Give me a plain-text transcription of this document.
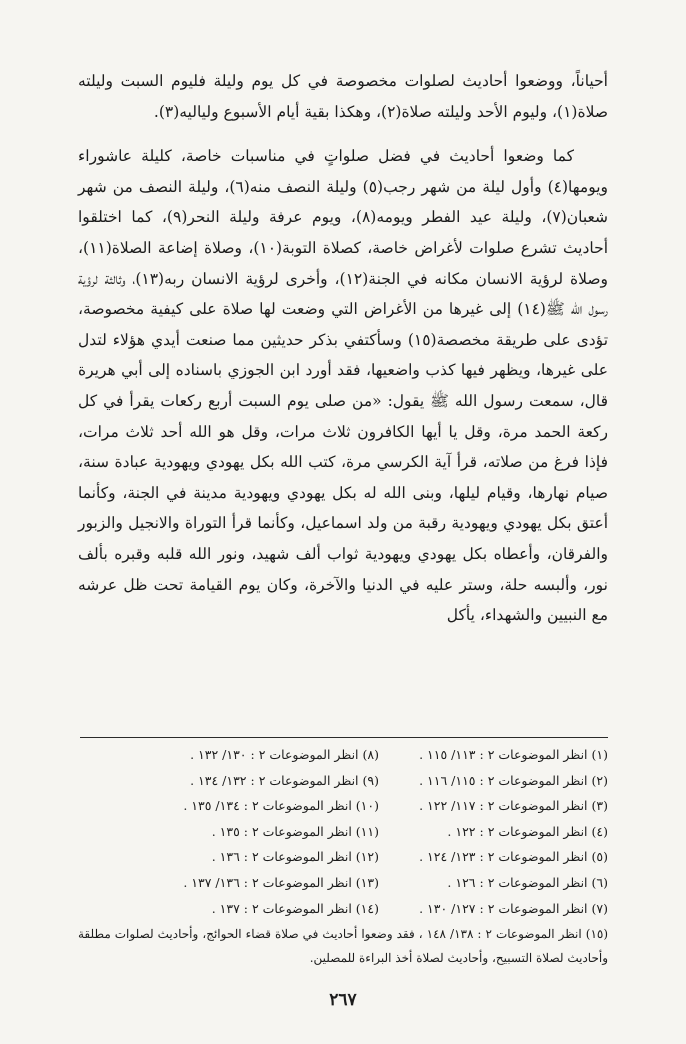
أحياناً، ووضعوا أحاديث لصلوات مخصوصة في كل يوم وليلة فليوم السبت وليلته صلاة(١)، وليوم الأحد وليلته صلاة(٢)، وهكذا بقية أيام الأسبوع ولياليه(٣).

كما وضعوا أحاديث في فضل صلواتٍ في مناسبات خاصة، كليلة عاشوراء ويومها(٤) وأول ليلة من شهر رجب(٥) وليلة النصف منه(٦)، وليلة النصف من شهر شعبان(٧)، وليلة عيد الفطر ويومه(٨)، ويوم عرفة وليلة النحر(٩)، كما اختلقوا أحاديث تشرع صلوات لأغراض خاصة، كصلاة التوبة(١٠)، وصلاة إضاعة الصلاة(١١)، وصلاة لرؤية الانسان مكانه في الجنة(١٢)، وأخرى لرؤية الانسان ربه(١٣)، وثالثة لرؤية رسول الله ﷺ(١٤) إلى غيرها من الأغراض التي وضعت لها صلاة على كيفية مخصوصة، تؤدى على طريقة مخصصة(١٥) وسأكتفي بذكر حديثين مما صنعت أيدي هؤلاء لتدل على غيرها، ويظهر فيها كذب واضعيها، فقد أورد ابن الجوزي باسناده إلى أبي هريرة قال، سمعت رسول الله ﷺ يقول: «من صلى يوم السبت أربع ركعات يقرأ في كل ركعة الحمد مرة، وقل يا أيها الكافرون ثلاث مرات، وقل هو الله أحد ثلاث مرات، فإذا فرغ من صلاته، قرأ آية الكرسي مرة، كتب الله بكل يهودي ويهودية عبادة سنة، صيام نهارها، وقيام ليلها، وبنى الله له بكل يهودي ويهودية مدينة في الجنة، وكأنما أعتق بكل يهودي ويهودية رقبة من ولد اسماعيل، وكأنما قرأ التوراة والانجيل والزبور والفرقان، وأعطاه بكل يهودي ويهودية ثواب ألف شهيد، ونور الله قلبه وقبره بألف نور، وألبسه حلة، وستر عليه في الدنيا والآخرة، وكان يوم القيامة تحت ظل عرشه مع النبيين والشهداء، يأكل

(١) انظر الموضوعات ٢ : ١١٣/ ١١٥ .
(٢) انظر الموضوعات ٢ : ١١٥/ ١١٦ .
(٣) انظر الموضوعات ٢ : ١١٧/ ١٢٢ .
(٤) انظر الموضوعات ٢ : ١٢٢ .
(٥) انظر الموضوعات ٢ : ١٢٣/ ١٢٤ .
(٦) انظر الموضوعات ٢ : ١٢٦ .
(٧) انظر الموضوعات ٢ : ١٢٧/ ١٣٠ .
(٨) انظر الموضوعات ٢ : ١٣٠/ ١٣٢ .
(٩) انظر الموضوعات ٢ : ١٣٢/ ١٣٤ .
(١٠) انظر الموضوعات ٢ : ١٣٤/ ١٣٥ .
(١١) انظر الموضوعات ٢ : ١٣٥ .
(١٢) انظر الموضوعات ٢ : ١٣٦ .
(١٣) انظر الموضوعات ٢ : ١٣٦/ ١٣٧ .
(١٤) انظر الموضوعات ٢ : ١٣٧ .
(١٥) انظر الموضوعات ٢ : ١٣٨/ ١٤٨ ، فقد وضعوا أحاديث في صلاة قضاء الحوائج، وأحاديث لصلوات مطلقة وأحاديث لصلاة التسبيح، وأحاديث لصلاة أخذ البراءة للمصلين.
٢٦٧
